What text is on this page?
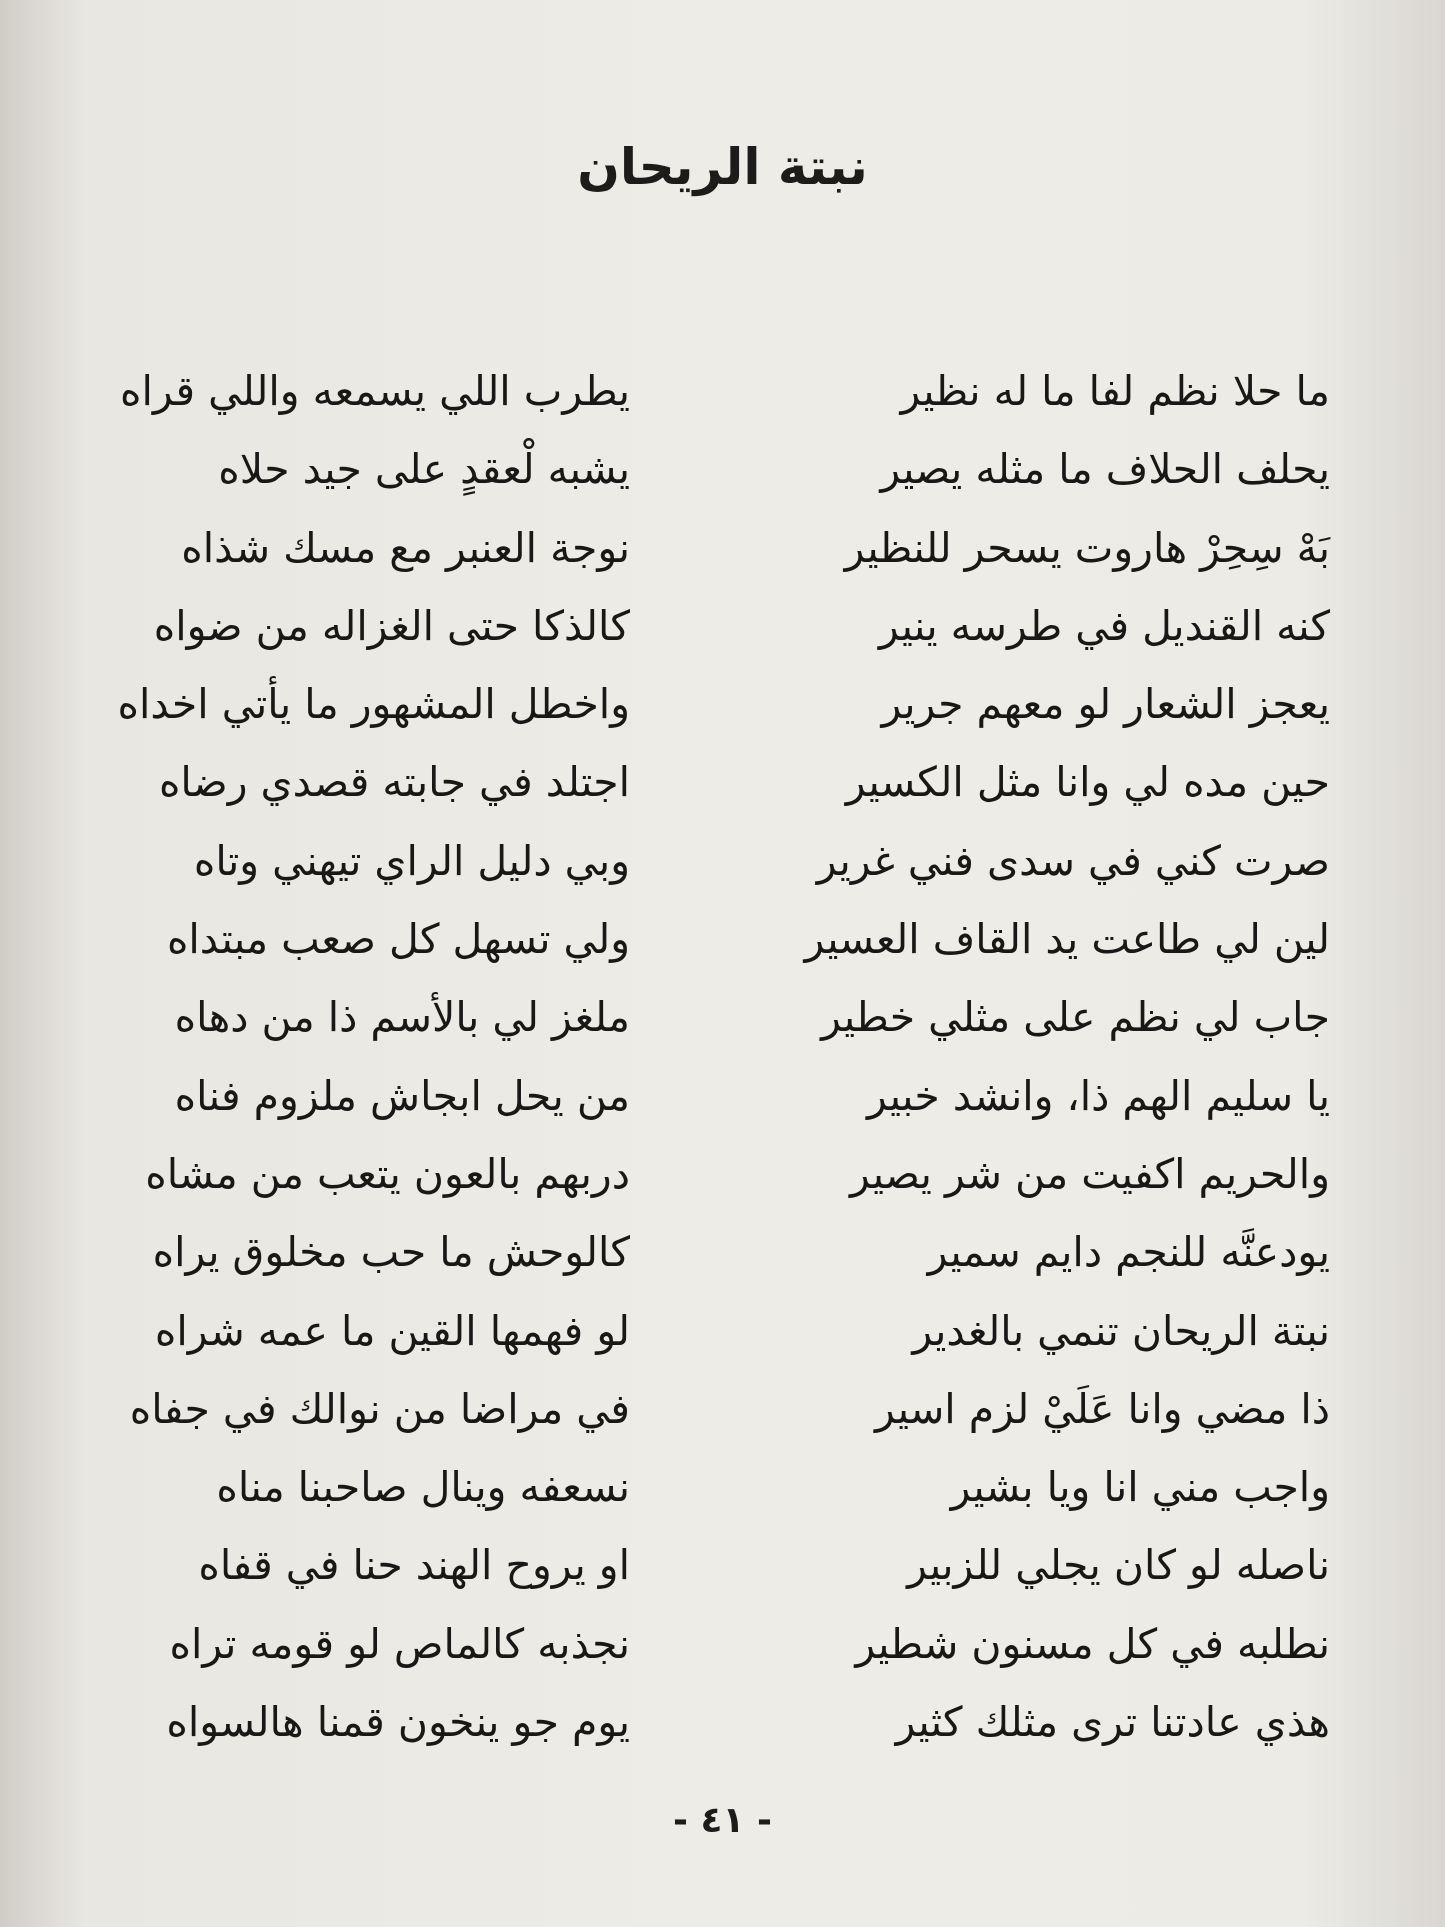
نبتة الريحان
ما حلا نظم لفا ما له نظير
يحلف الحلاف ما مثله يصير
بَهْ سِحِرْ هاروت يسحر للنظير
كنه القنديل في طرسه ينير
يعجز الشعار لو معهم جرير
حين مده لي وانا مثل الكسير
صرت كني في سدى فني غرير
لين لي طاعت يد القاف العسير
جاب لي نظم على مثلي خطير
يا سليم الهم ذا، وانشد خبير
والحريم اكفيت من شر يصير
يودعنَّه للنجم دايم سمير
نبتة الريحان تنمي بالغدير
ذا مضي وانا عَلَيْ لزم اسير
واجب مني انا ويا بشير
ناصله لو كان يجلي للزبير
نطلبه في كل مسنون شطير
هذي عادتنا ترى مثلك كثير
يطرب اللي يسمعه واللي قراه
يشبه لْعقدٍ على جيد حلاه
نوجة العنبر مع مسك شذاه
كالذكا حتى الغزاله من ضواه
واخطل المشهور ما يأتي اخداه
اجتلد في جابته قصدي رضاه
وبي دليل الراي تيهني وتاه
ولي تسهل كل صعب مبتداه
ملغز لي بالأسم ذا من دهاه
من يحل ابجاش ملزوم فناه
دربهم بالعون يتعب من مشاه
كالوحش ما حب مخلوق يراه
لو فهمها القين ما عمه شراه
في مراضا من نوالك في جفاه
نسعفه وينال صاحبنا مناه
او يروح الهند حنا في قفاه
نجذبه كالماص لو قومه تراه
يوم جو ينخون قمنا هالسواه
- ٤١ -
